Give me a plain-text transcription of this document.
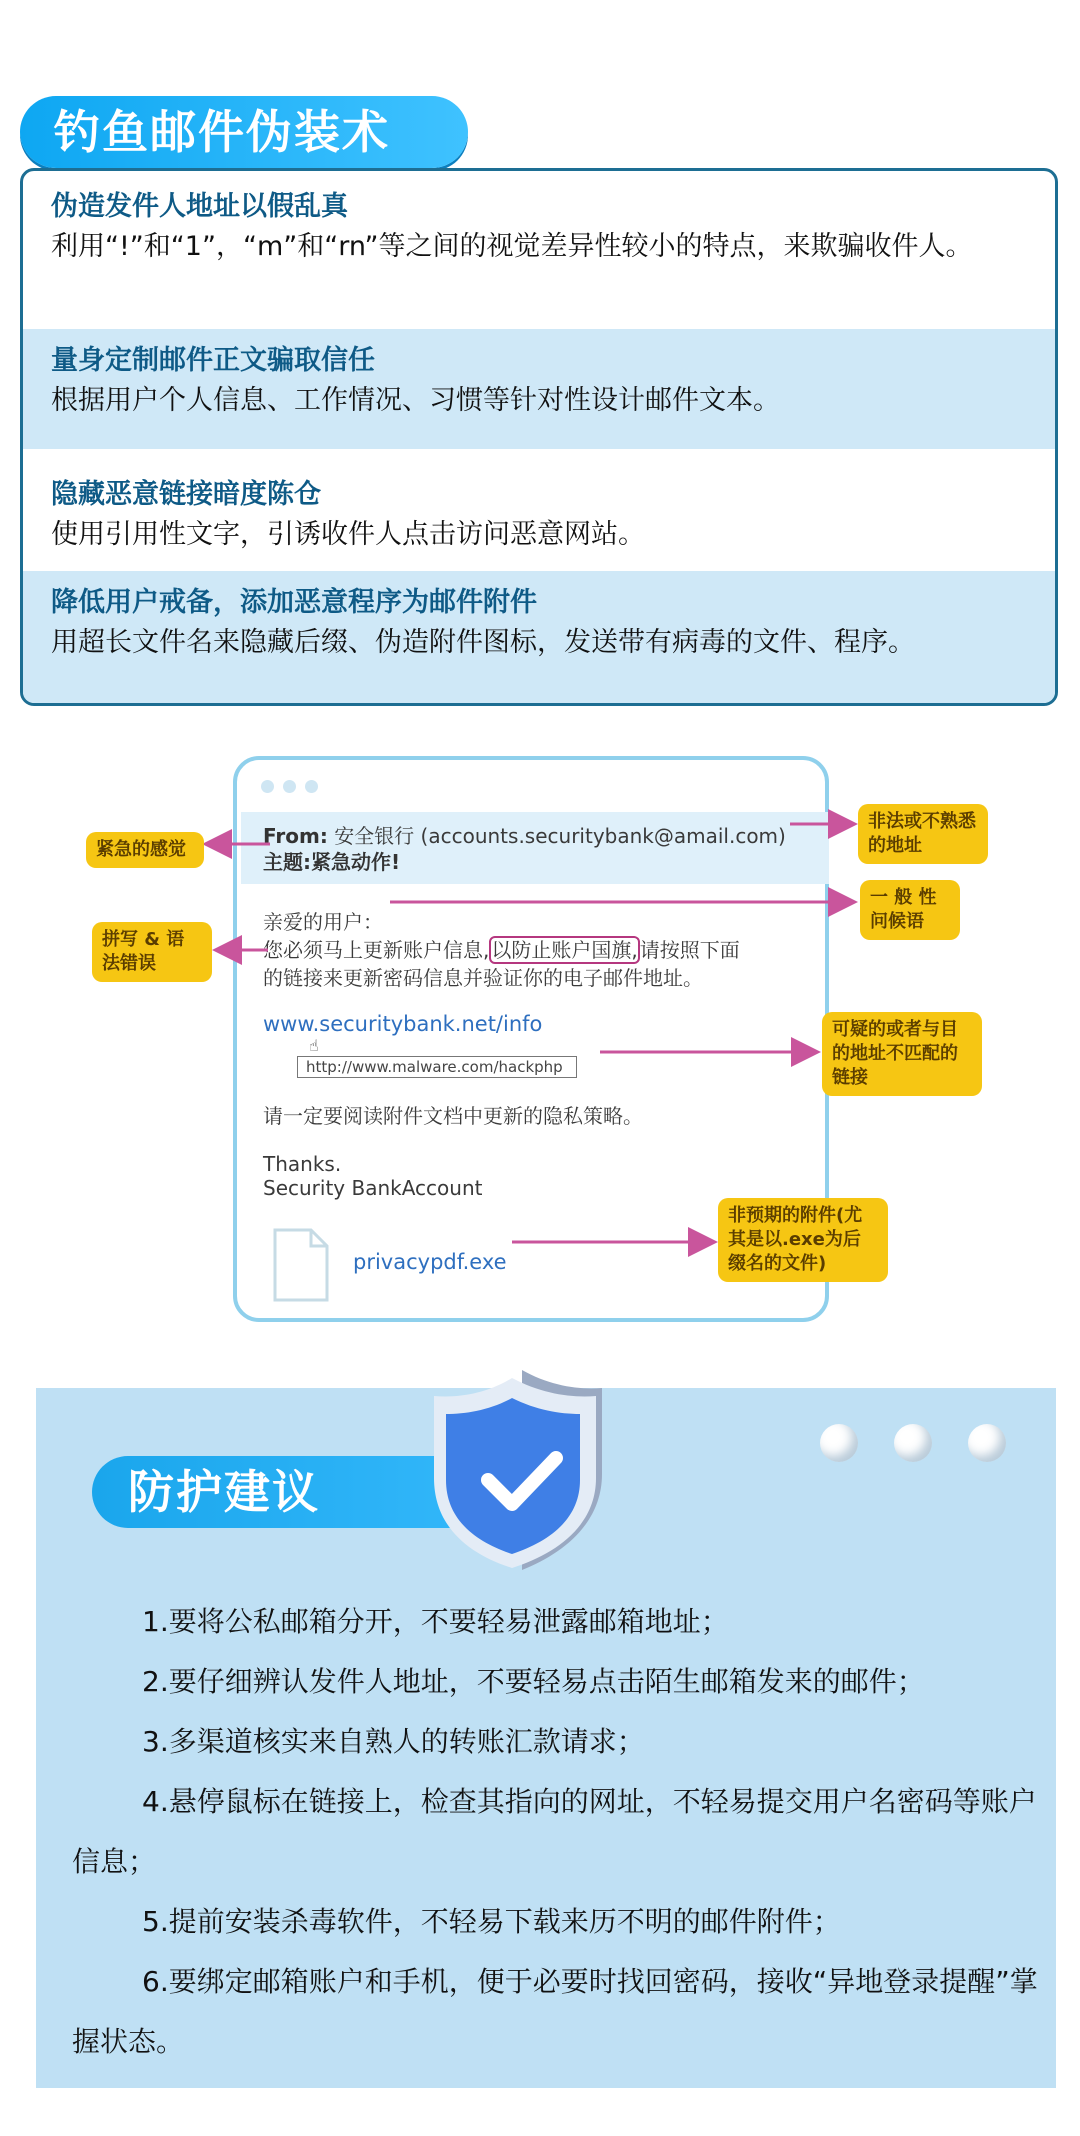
钓鱼邮件伪装术
伪造发件人地址以假乱真
利用“!”和“1”，“m”和“rn”等之间的视觉差异性较小的特点，来欺骗收件人。
量身定制邮件正文骗取信任
根据用户个人信息、工作情况、习惯等针对性设计邮件文本。
隐藏恶意链接暗度陈仓
使用引用性文字，引诱收件人点击访问恶意网站。
降低用户戒备，添加恶意程序为邮件附件
用超长文件名来隐藏后缀、伪造附件图标，发送带有病毒的文件、程序。
From: 安全银行 (accounts.securitybank@amail.com)
主题:紧急动作!
亲爱的用户：
您必须马上更新账户信息, 以防止账户国旗, 请按照下面
的链接来更新密码信息并验证你的电子邮件地址。
www.securitybank.net/info
☝
http://www.malware.com/hackphp
请一定要阅读附件文档中更新的隐私策略。
Thanks.
Security BankAccount
privacypdf.exe
紧急的感觉
拼写 & 语法错误
非法或不熟悉的地址
一 般 性问候语
可疑的或者与目的地址不匹配的链接
非预期的附件(尤其是以.exe为后缀名的文件)
防护建议

1.要将公私邮箱分开，不要轻易泄露邮箱地址；

2.要仔细辨认发件人地址，不要轻易点击陌生邮箱发来的邮件；

3.多渠道核实来自熟人的转账汇款请求；

4.悬停鼠标在链接上，检查其指向的网址，不轻易提交用户名密码等账户信息；

5.提前安装杀毒软件，不轻易下载来历不明的邮件附件；

6.要绑定邮箱账户和手机，便于必要时找回密码，接收“异地登录提醒”掌握状态。
